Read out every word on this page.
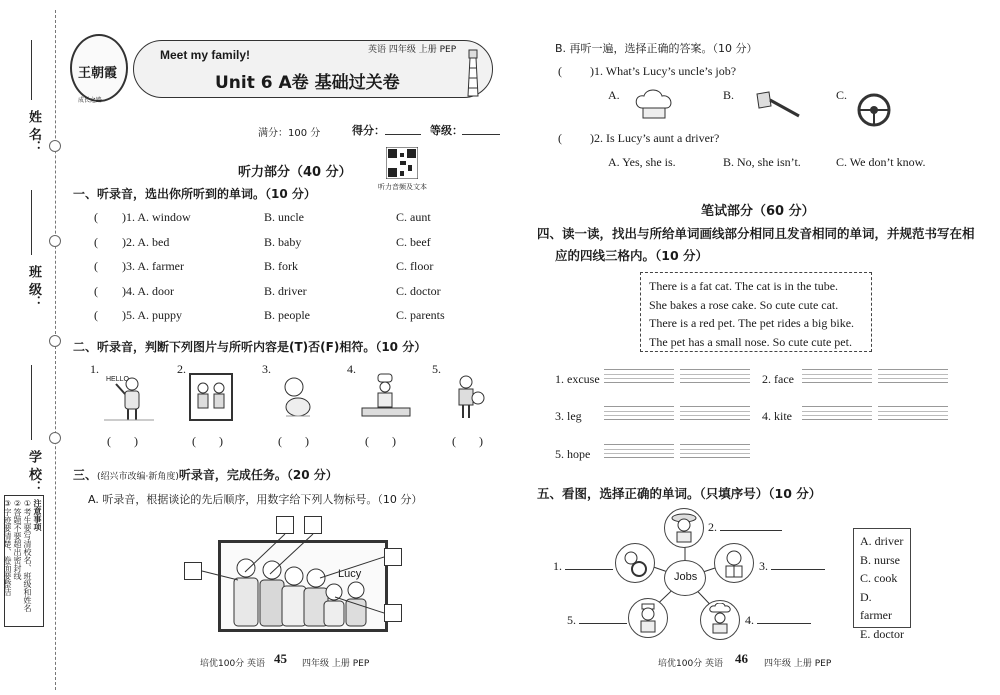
姓 名：
班 级：
学 校：
注意事项
①考生要写清校名、班级和姓名
②答题不要超出密封线
③字迹要清楚、卷面要整洁
王朝霞
成长之路
Meet my family!	英语 四年级 上册 PEP
Unit 6 A卷 基础过关卷
满分：100 分	得分：	等级：
听力音频及文本
听力部分（40 分）
一、听录音，选出你所听到的单词。（10 分）
( )1. A. window	B. uncle	C. aunt
( )2. A. bed	B. baby	C. beef
( )3. A. farmer	B. fork	C. floor
( )4. A. door	B. driver	C. doctor
( )5. A. puppy	B. people	C. parents
二、听录音，判断下列图片与所听内容是(T)否(F)相符。（10 分）
1.	2.	3.	4.	5.
HELLO
( )	( )	( )	( )	( )
三、(绍兴市改编·新角度)听录音，完成任务。（20 分）
A. 听录音，根据谈论的先后顺序，用数字给下列人物标号。（10 分）
Lucy
B. 再听一遍，选择正确的答案。（10 分）
( )1. What’s Lucy’s uncle’s job?
A.	B.	C.
( )2. Is Lucy’s aunt a driver?
A. Yes, she is.	B. No, she isn’t.	C. We don’t know.
笔试部分（60 分）
四、读一读，找出与所给单词画线部分相同且发音相同的单词，并规范书写在相
应的四线三格内。（10 分）
There is a fat cat. The cat is in the tube.
She bakes a rose cake. So cute cute cat.
There is a red pet. The pet rides a big bike.
The pet has a small nose. So cute cute pet.
1. excuse	2. face
3. leg	4. kite
5. hope
五、看图，选择正确的单词。（只填序号）（10 分）
Jobs
2.
1.	3.
5.	4.
A. driver
B. nurse
C. cook
D. farmer
E. doctor
培优100分 英语 45 四年级 上册 PEP	培优100分 英语 46 四年级 上册 PEP
